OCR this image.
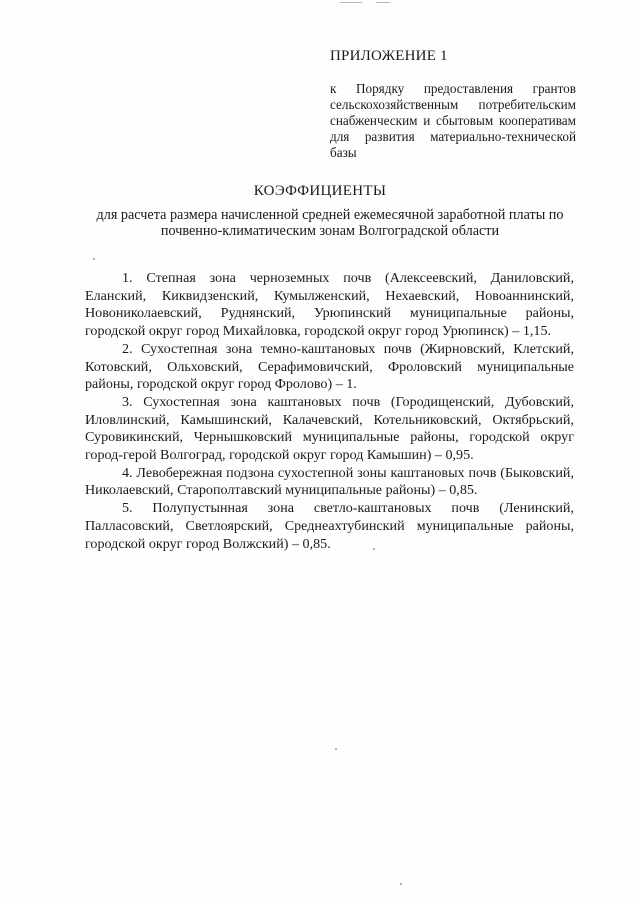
ПРИЛОЖЕНИЕ 1

к Порядку предоставления грантов сельскохозяйственным потребительским снабженческим и сбытовым кооперативам для развития материально-технической базы

КОЭФФИЦИЕНТЫ

для расчета размера начисленной средней ежемесячной заработной платы по почвенно-климатическим зонам Волгоградской области

1. Степная зона черноземных почв (Алексеевский, Даниловский, Еланский, Киквидзенский, Кумылженский, Нехаевский, Новоаннинский, Новониколаевский, Руднянский, Урюпинский муниципальные районы, городской округ город Михайловка, городской округ город Урюпинск) – 1,15.

2. Сухостепная зона темно-каштановых почв (Жирновский, Клетский, Котовский, Ольховский, Серафимовичский, Фроловский муниципальные районы, городской округ город Фролово) – 1.

3. Сухостепная зона каштановых почв (Городищенский, Дубовский, Иловлинский, Камышинский, Калачевский, Котельниковский, Октябрьский, Суровикинский, Чернышковский муниципальные районы, городской округ город-герой Волгоград, городской округ город Камышин) – 0,95.

4. Левобережная подзона сухостепной зоны каштановых почв (Быковский, Николаевский, Старополтавский муниципальные районы) – 0,85.

5. Полупустынная зона светло-каштановых почв (Ленинский, Палласовский, Светлоярский, Среднеахтубинский муниципальные районы, городской округ город Волжский) – 0,85.
